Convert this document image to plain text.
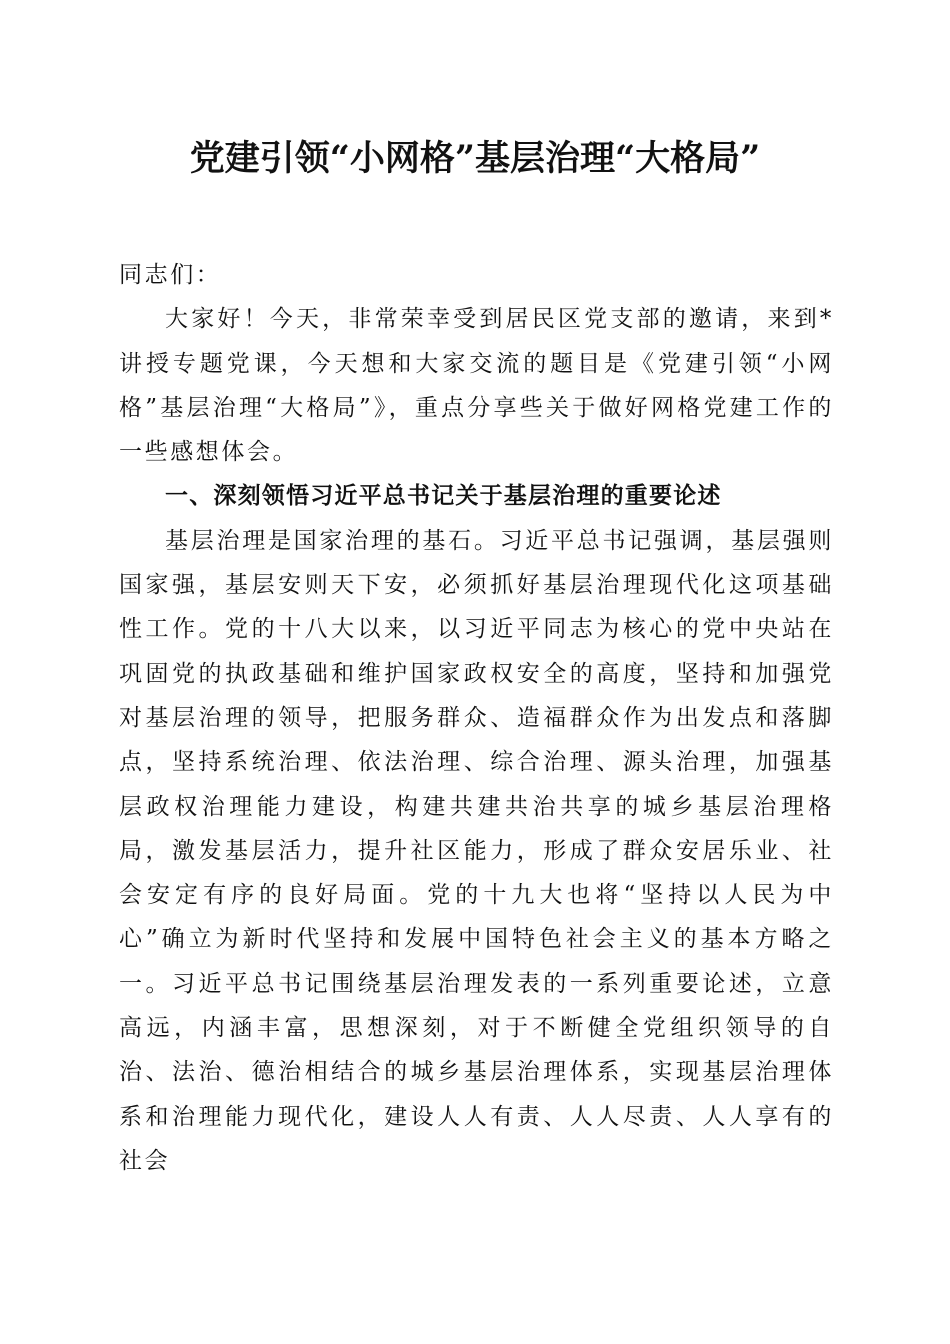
党建引领“小网格”基层治理“大格局”

同志们：

大家好！今天，非常荣幸受到居民区党支部的邀请，来到*讲授专题党课，今天想和大家交流的题目是《党建引领“小网格”基层治理“大格局”》，重点分享些关于做好网格党建工作的一些感想体会。

一、深刻领悟习近平总书记关于基层治理的重要论述

基层治理是国家治理的基石。习近平总书记强调，基层强则国家强，基层安则天下安，必须抓好基层治理现代化这项基础性工作。党的十八大以来，以习近平同志为核心的党中央站在巩固党的执政基础和维护国家政权安全的高度，坚持和加强党对基层治理的领导，把服务群众、造福群众作为出发点和落脚点，坚持系统治理、依法治理、综合治理、源头治理，加强基层政权治理能力建设，构建共建共治共享的城乡基层治理格局，激发基层活力，提升社区能力，形成了群众安居乐业、社会安定有序的良好局面。党的十九大也将“坚持以人民为中心”确立为新时代坚持和发展中国特色社会主义的基本方略之一。习近平总书记围绕基层治理发表的一系列重要论述，立意高远，内涵丰富，思想深刻，对于不断健全党组织领导的自治、法治、德治相结合的城乡基层治理体系，实现基层治理体系和治理能力现代化，建设人人有责、人人尽责、人人享有的社会
